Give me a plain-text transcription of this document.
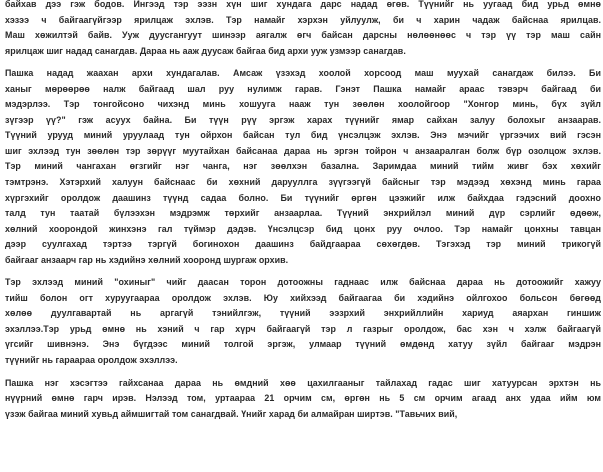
байхав дээ гэж бодов. Ингээд тэр ээзн хүн шиг хундага дарс надад өгөв. Түүнийг нь уугаад бид урьд өмнө
хэзээ ч байгаагүйгээр ярилцаж эхлэв. Тэр намайг хэрхэн уйлуулж, би ч харин чадаж байснаа ярилцав.
Маш хөжилтэй байв. Ууж дуусгангуут шинээр аягалж өгч байсан дарсны нөлөөнөөс ч тэр үү тэр маш сайн
ярилцаж шиг надад санагдав. Дараа нь ааж дуусаж байгаа бид архи ууж узмээр санагдав.
Пашка надад жаахан архи хундагалав. Амсаж үзэхэд хоолой хорсоод маш муухай санагдаж билээ. Би
ханыг мөрөөрөө налж байгаад шал руу нулимж гарав. Гэнэт Пашка намайг араас тэвэрч байгаад би
мэдэрлээ. Тэр тонгойсоно чихэнд минь хошууга нааж тун зөөлөн хоолойгоор "Хонгор минь, бүх зүйл
зүгээр үү?" гэж асуух байна. Би түүн рүү эргэж харах түүнийг ямар сайхан залуу болохыг анзаарав.
Түүний урууд миний уруулаад тун ойрхон байсан тул бид үнсэлцэж эхлэв. Энэ мэчийг үргээчих вий гэсэн
шиг эхлээд тун зөөлөн тэр зөрүүг муутайхан байсанаа дараа нь эргэн тойрон ч анзааралган болж бүр озолцож эхлэв.
Тэр миний чангахан өгзгийг нэг чангa, нэг зөөлхэн базална. Заримдаа миний тийм живг бэх хөхийг
тэмтрэнэ. Хэтэрхий халуун байснаас би хөхний дарууллга зүүгээгүй байсныг тэр мэдээд хөхэнд минь гараа
хүргэхийг оролдож даашинз түүнд садаа болно. Би түүнийг өргөн цээжийг илж байхдаа гэдэсний доохно
талд тун таатай бүлээхэн мэдрэмж төрхийг анзаарлаа. Түүний энхрийлэл миний дүр сэрлийг өдөөж,
хөлний хоорондой жинхэнэ гал түймэр дэдэв. Үнсэлцсэр бид цонх руу очлоо. Тэр намайг цонхны тавцан
дээр суулгахад тэртээ тэргүй богинохон даашинз байдгаараа сөхөгдөв. Тэгэхэд тэр миний трикогүй
байгааг анзаарч гар нь хэдийнэ хөлний хооронд шургаж орхив.
Тэр эхлээд миний "охиныг" чийг даасан торон дотоожны гаднаас илж байснаа дараа нь дотоожийг хажуу
тийш болон огт хуруугаараа оролдож эхлэв. Юу хийхээд байгаагаа би хэдийнэ ойлгохоо больсон бөгөөд
хөлөө дуулгавартай нь аргагүй тэнийлгэж, түүний ээзрхий энхрийллийн хариуд аяархан гиншиж
эхэллээ.Тэр урьд өмнө нь хэний ч гар хүрч байгаагүй тэр л газрыг оролдож, бас хэн ч хэлж байгаагүй
үгсийг шивнэнэ. Энэ бүгдээс миний толгой эргэж, улмаар түүний өмдөнд хатуу зүйл байгааг мэдрэн
түүнийг нь гараараа оролдож эхэллээ.
Пашка нэг хэсэгтээ гайхсанаа дараа нь өмдний хөө цахилгааныг тайлахад гадас шиг хатуурсан эрхтэн нь
нүүрний өмнө гарч ирэв. Нэлээд том, уртаараа 21 орчим см, өргөн нь 5 см орчим агаад анх удаа ийм юм
үзэж байгаа миний хувьд аймшигтай том санагдвай. Үнийг харад би алмайран ширтэв. "Тавьчих вий,
